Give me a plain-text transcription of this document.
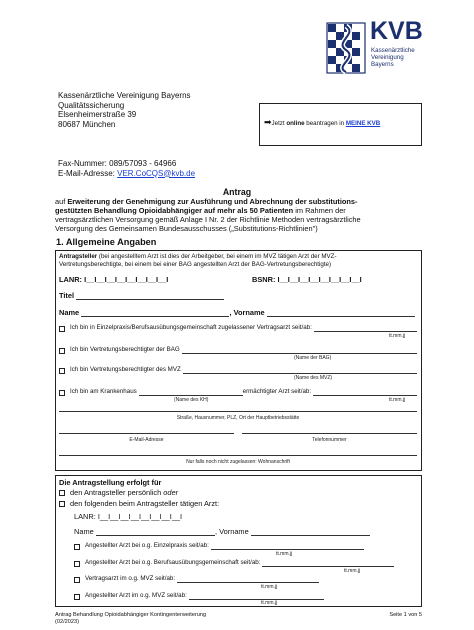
KVB
Kassenärztliche
Vereinigung
Bayerns
Kassenärztliche Vereinigung Bayerns
Qualitätssicherung
Elsenheimerstraße 39
80687 München	➡Jetzt online beantragen in MEINE KVB
Fax-Nummer: 089/57093 - 64966
E-Mail-Adresse: VER.CoCQS@kvb.de
Antrag
auf Erweiterung der Genehmigung zur Ausführung und Abrechnung der substitutions-
gestützten Behandlung Opioidabhängiger auf mehr als 50 Patienten im Rahmen der
vertragsärztlichen Versorgung gemäß Anlage I Nr. 2 der Richtlinie Methoden vertragsärztliche
Versorgung des Gemeinsamen Bundesausschusses („Substitutions-Richtlinien")
1. Allgemeine Angaben
Antragsteller (bei angestelltem Arzt ist dies der Arbeitgeber, bei einem im MVZ tätigen Arzt der MVZ-
Vertretungsberechtigte, bei einem bei einer BAG angestellten Arzt der BAG-Vertretungsberechtigte)
LANR: I__I__I__I__I__I__I__I__I	BSNR: I__I__I__I__I__I__I__I__I
Titel
Name	, Vorname
Ich bin in Einzelpraxis/Berufsausübungsgemeinschaft zugelassener Vertragsarzt seit/ab:
tt.mm.jj
Ich bin Vertretungsberechtigter der BAG
(Name der BAG)
Ich bin Vertretungsberechtigter des MVZ
(Name des MVZ)
Ich bin am Krankenhaus	ermächtigter Arzt seit/ab:
(Name des KH)	tt.mm.jj
Straße, Hausnummer, PLZ, Ort der Hauptbetriebsstätte
E-Mail-Adresse	Telefonnummer
Nur falls noch nicht zugelassen: Wohnanschrift
Die Antragstellung erfolgt für
den Antragsteller persönlich oder
den folgenden beim Antragsteller tätigen Arzt:
LANR: I__I__I__I__I__I__I__I__I
Name	, Vorname
Angestellter Arzt bei o.g. Einzelpraxis seit/ab:
tt.mm.jj
Angestellter Arzt bei o.g. Berufsausübungsgemeinschaft seit/ab:
tt.mm.jj
Vertragsarzt im o.g. MVZ seit/ab:
tt.mm.jj
Angestellter Arzt im o.g. MVZ seit/ab:
tt.mm.jj
Antrag Behandlung Opioidabhängiger Kontingenterweiterung
(02/2023)
Seite 1 von 5
